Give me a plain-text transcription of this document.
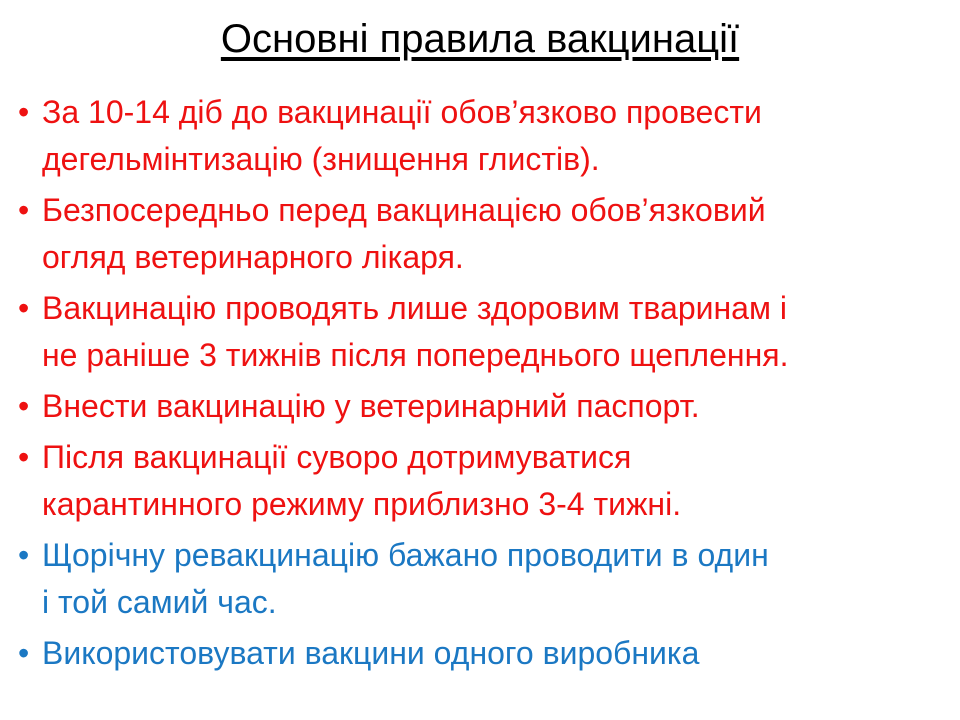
Основні правила вакцинації
• За 10-14 діб до вакцинації обов’язково провести
дегельмінтизацію (знищення глистів).
• Безпосередньо перед вакцинацією обов’язковий
огляд ветеринарного лікаря.
• Вакцинацію проводять лише здоровим тваринам і
не раніше 3 тижнів після попереднього щеплення.
• Внести вакцинацію у ветеринарний паспорт.
• Після вакцинації суворо дотримуватися
карантинного режиму приблизно 3-4 тижні.
• Щорічну ревакцинацію бажано проводити в один
і той самий час.
• Використовувати вакцини одного виробника
